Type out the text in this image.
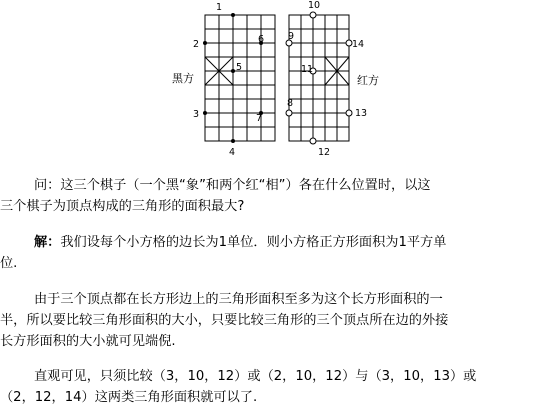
1
2
3
4
5
6
7
8
9
10
11
12
13
14
黑方	红方
问：这三个棋子（一个黑“象”和两个红“相”）各在什么位置时，以这
三个棋子为顶点构成的三角形的面积最大?
解：我们设每个小方格的边长为1单位．则小方格正方形面积为1平方单
位.
由于三个顶点都在长方形边上的三角形面积至多为这个长方形面积的一
半，所以要比较三角形面积的大小，只要比较三角形的三个顶点所在边的外接
长方形面积的大小就可见端倪.
直观可见，只须比较（3，10，12）或（2，10，12）与（3，10，13）或
（2，12，14）这两类三角形面积就可以了.
